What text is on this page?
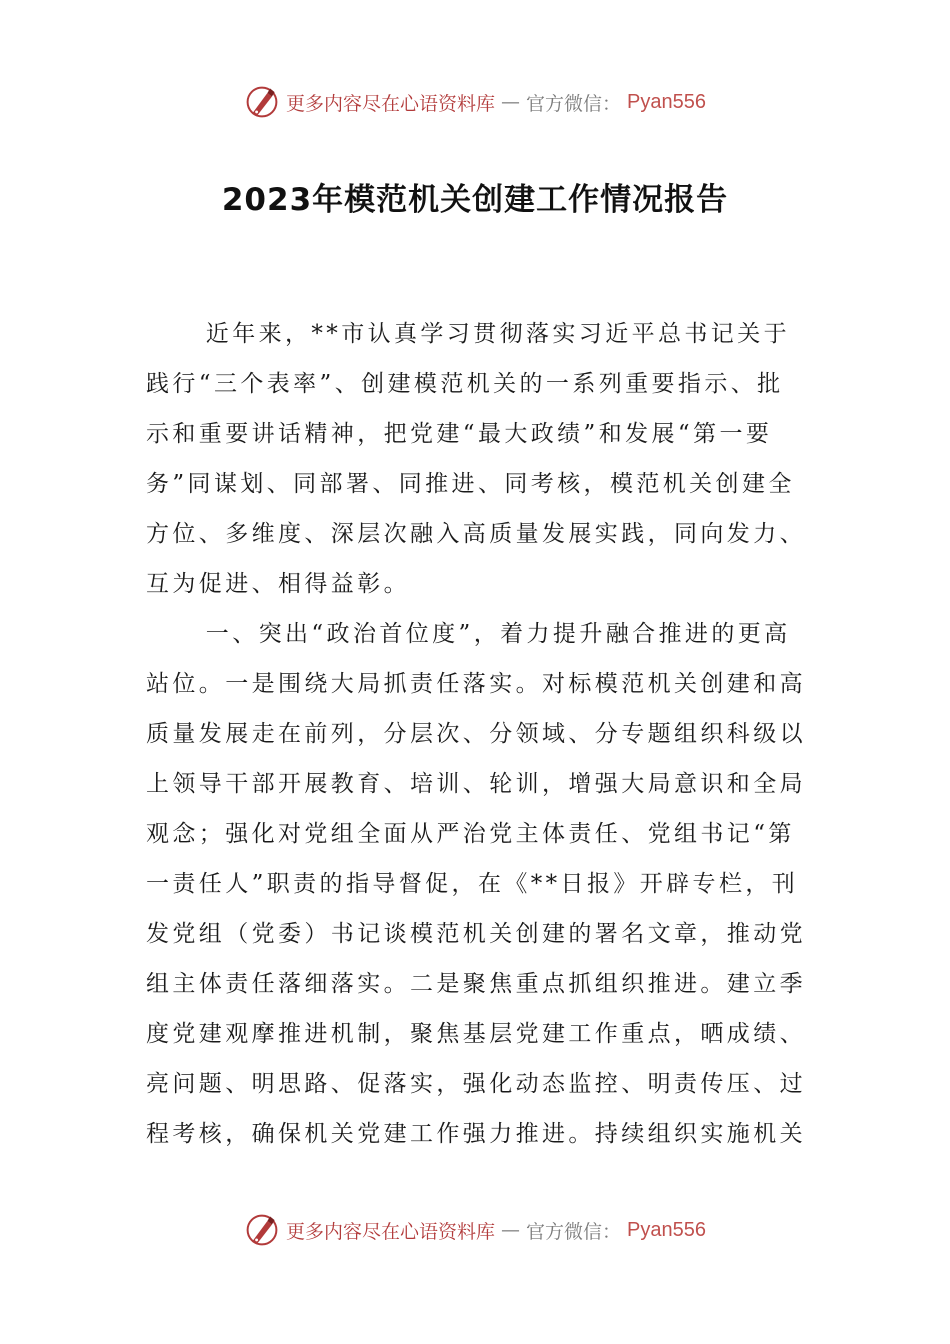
更多内容尽在心语资料库 — 官方微信： Pyan556
2023年模范机关创建工作情况报告

近年来，**市认真学习贯彻落实习近平总书记关于践行“三个表率”、创建模范机关的一系列重要指示、批示和重要讲话精神，把党建“最大政绩”和发展“第一要务”同谋划、同部署、同推进、同考核，模范机关创建全方位、多维度、深层次融入高质量发展实践，同向发力、互为促进、相得益彰。

一、突出“政治首位度”，着力提升融合推进的更高站位。一是围绕大局抓责任落实。对标模范机关创建和高质量发展走在前列，分层次、分领域、分专题组织科级以上领导干部开展教育、培训、轮训，增强大局意识和全局观念；强化对党组全面从严治党主体责任、党组书记“第一责任人”职责的指导督促，在《**日报》开辟专栏，刊发党组（党委）书记谈模范机关创建的署名文章，推动党组主体责任落细落实。二是聚焦重点抓组织推进。建立季度党建观摩推进机制，聚焦基层党建工作重点，晒成绩、亮问题、明思路、促落实，强化动态监控、明责传压、过程考核，确保机关党建工作强力推进。持续组织实施机关

更多内容尽在心语资料库 — 官方微信： Pyan556
